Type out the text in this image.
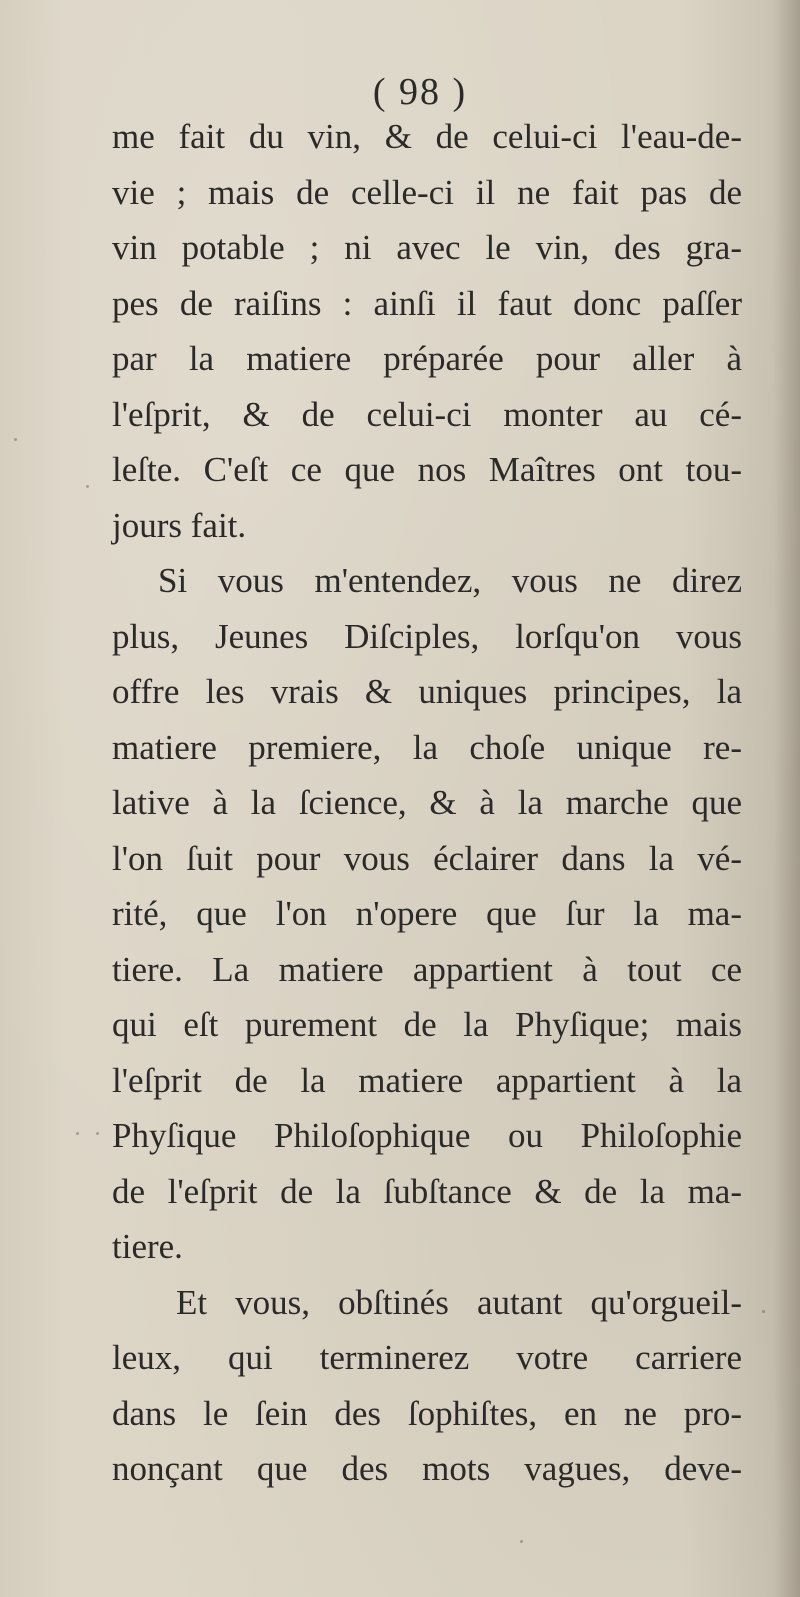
( 98 )
me fait du vin, & de celui-ci l'eau-de-
vie ; mais de celle-ci il ne fait pas de
vin potable ; ni avec le vin, des gra-
pes de raiſins : ainſi il faut donc paſſer
par la matiere préparée pour aller à
l'eſprit, & de celui-ci monter au cé-
leſte. C'eſt ce que nos Maîtres ont tou-
jours fait.
Si vous m'entendez, vous ne direz
plus, Jeunes Diſciples, lorſqu'on vous
offre les vrais & uniques principes, la
matiere premiere, la choſe unique re-
lative à la ſcience, & à la marche que
l'on ſuit pour vous éclairer dans la vé-
rité, que l'on n'opere que ſur la ma-
tiere. La matiere appartient à tout ce
qui eſt purement de la Phyſique; mais
l'eſprit de la matiere appartient à la
Phyſique Philoſophique ou Philoſophie
de l'eſprit de la ſubſtance & de la ma-
tiere.
Et vous, obſtinés autant qu'orgueil-
leux, qui terminerez votre carriere
dans le ſein des ſophiſtes, en ne pro-
nonçant que des mots vagues, deve-
